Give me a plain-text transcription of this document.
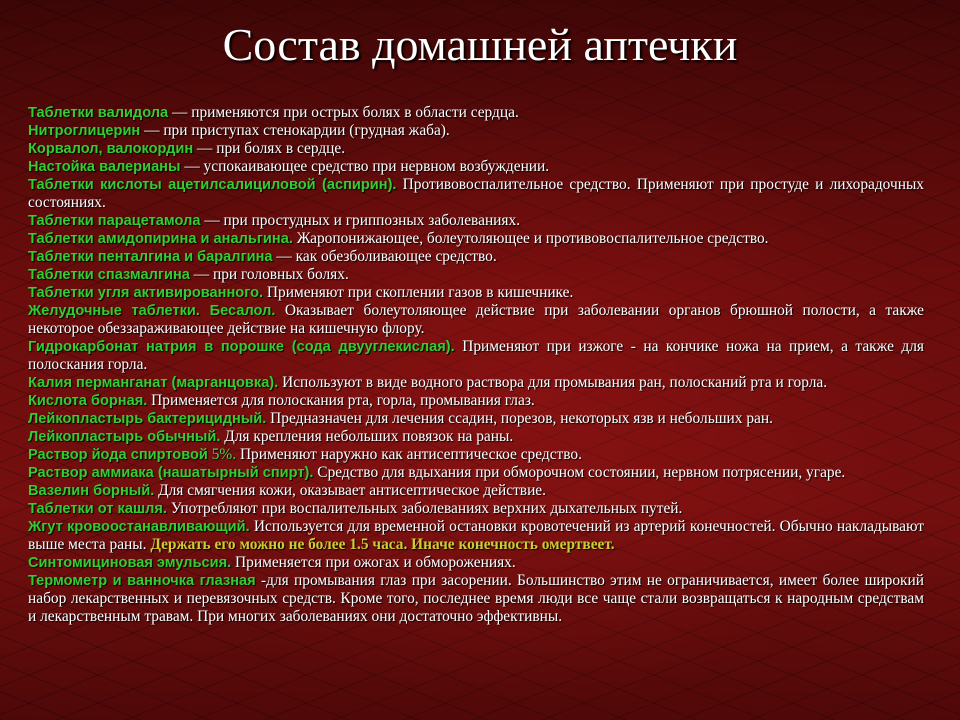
Состав домашней аптечки

Таблетки валидола — применяются при острых болях в области сердца.

Нитроглицерин — при приступах стенокардии (грудная жаба).

Корвалол, валокордин — при болях в сердце.

Настойка валерианы — успокаивающее средство при нервном возбуждении.

Таблетки кислоты ацетилсалициловой (аспирин). Противовоспалительное средство. Применяют при простуде и лихорадочных состояниях.

Таблетки парацетамола — при простудных и гриппозных заболеваниях.

Таблетки амидопирина и анальгина. Жаропонижающее, болеутоляющее и противовоспалительное средство.

Таблетки пенталгина и баралгина — как обезболивающее средство.

Таблетки спазмалгина — при головных болях.

Таблетки угля активированного. Применяют при скоплении газов в кишечнике.

Желудочные таблетки. Бесалол. Оказывает болеутоляющее действие при заболевании органов брюшной полости, а также некоторое обеззараживающее действие на кишечную флору.

Гидрокарбонат натрия в порошке (сода двууглекислая). Применяют при изжоге - на кончике ножа на прием, а также для полоскания горла.

Калия перманганат (марганцовка). Используют в виде водного раствора для промывания ран, полосканий рта и горла.

Кислота борная. Применяется для полоскания рта, горла, промывания глаз.

Лейкопластырь бактерицидный. Предназначен для лечения ссадин, порезов, некоторых язв и небольших ран.

Лейкопластырь обычный. Для крепления небольших повязок на раны.

Раствор йода спиртовой 5%. Применяют наружно как антисептическое средство.

Раствор аммиака (нашатырный спирт). Средство для вдыхания при обморочном состоянии, нервном потрясении, угаре.

Вазелин борный. Для смягчения кожи, оказывает антисептическое действие.

Таблетки от кашля. Употребляют при воспалительных заболеваниях верхних дыхательных путей.

Жгут кровоостанавливающий. Используется для временной остановки кровотечений из артерий конечностей. Обычно накладывают выше места раны. Держать его можно не более 1.5 часа. Иначе конечность омертвеет.

Синтомициновая эмульсия. Применяется при ожогах и обморожениях.

Термометр и ванночка глазная -для промывания глаз при засорении. Большинство этим не ограничивается, имеет более широкий набор лекарственных и перевязочных средств. Кроме того, последнее время люди все чаще стали возвращаться к народным средствам и лекарственным травам. При многих заболеваниях они достаточно эффективны.
